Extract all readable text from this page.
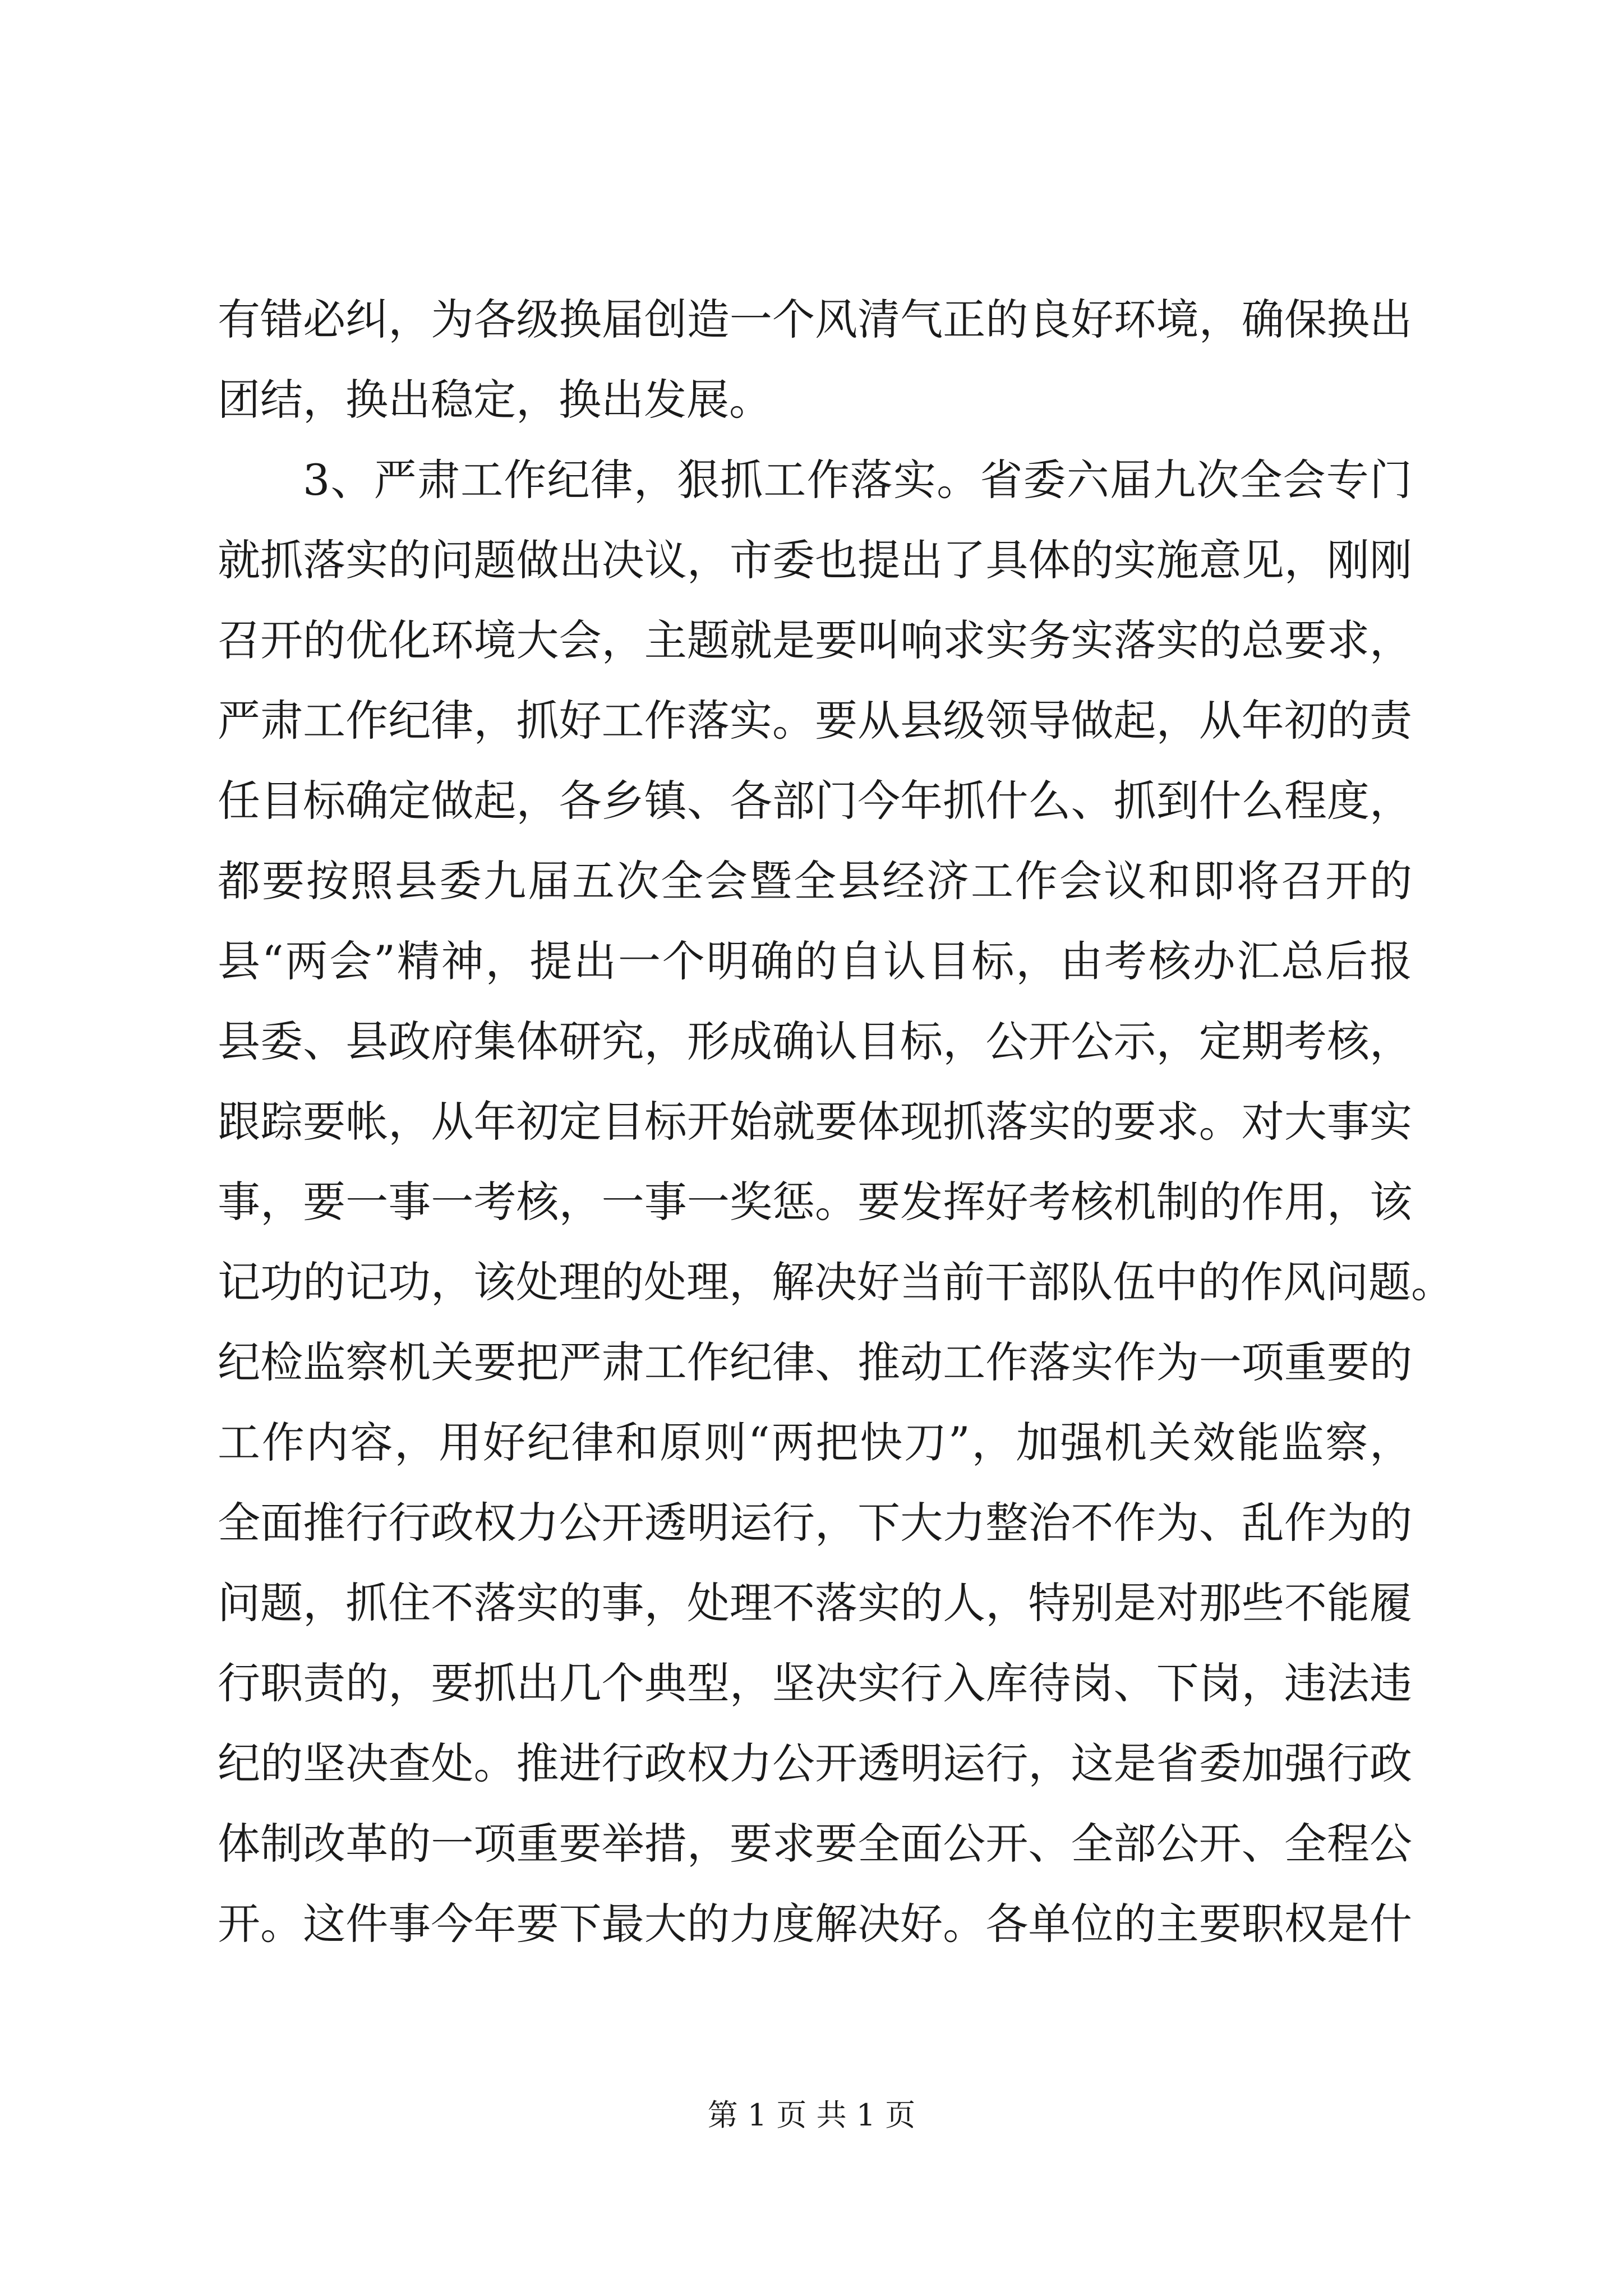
有错必纠，为各级换届创造一个风清气正的良好环境，确保换出
团结，换出稳定，换出发展。
3、严肃工作纪律，狠抓工作落实。省委六届九次全会专门
就抓落实的问题做出决议，市委也提出了具体的实施意见，刚刚
召开的优化环境大会，主题就是要叫响求实务实落实的总要求，
严肃工作纪律，抓好工作落实。要从县级领导做起，从年初的责
任目标确定做起，各乡镇、各部门今年抓什么、抓到什么程度，
都要按照县委九届五次全会暨全县经济工作会议和即将召开的
县“两会”精神，提出一个明确的自认目标，由考核办汇总后报
县委、县政府集体研究，形成确认目标，公开公示，定期考核，
跟踪要帐，从年初定目标开始就要体现抓落实的要求。对大事实
事，要一事一考核，一事一奖惩。要发挥好考核机制的作用，该
记功的记功，该处理的处理，解决好当前干部队伍中的作风问题。
纪检监察机关要把严肃工作纪律、推动工作落实作为一项重要的
工作内容，用好纪律和原则“两把快刀”，加强机关效能监察，
全面推行行政权力公开透明运行，下大力整治不作为、乱作为的
问题，抓住不落实的事，处理不落实的人，特别是对那些不能履
行职责的，要抓出几个典型，坚决实行入库待岗、下岗，违法违
纪的坚决查处。推进行政权力公开透明运行，这是省委加强行政
体制改革的一项重要举措，要求要全面公开、全部公开、全程公
开。这件事今年要下最大的力度解决好。各单位的主要职权是什
第 1 页 共 1 页
